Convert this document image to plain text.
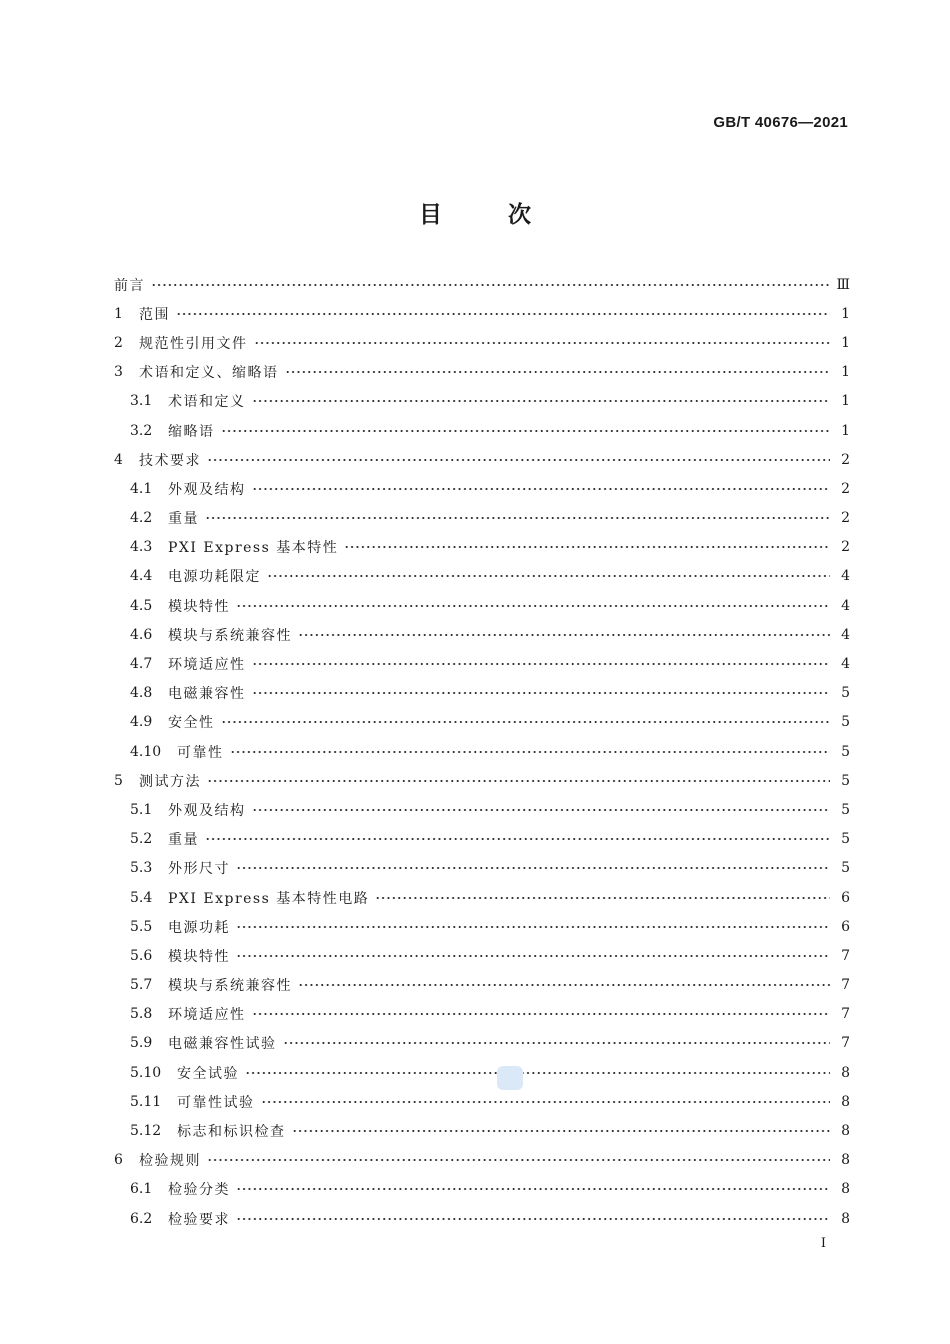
GB/T 40676—2021
目	次
前言	Ⅲ
1	范围	1
2	规范性引用文件	1
3	术语和定义、缩略语	1
3.1	术语和定义	1
3.2	缩略语	1
4	技术要求	2
4.1	外观及结构	2
4.2	重量	2
4.3	PXI Express 基本特性	2
4.4	电源功耗限定	4
4.5	模块特性	4
4.6	模块与系统兼容性	4
4.7	环境适应性	4
4.8	电磁兼容性	5
4.9	安全性	5
4.10	可靠性	5
5	测试方法	5
5.1	外观及结构	5
5.2	重量	5
5.3	外形尺寸	5
5.4	PXI Express 基本特性电路	6
5.5	电源功耗	6
5.6	模块特性	7
5.7	模块与系统兼容性	7
5.8	环境适应性	7
5.9	电磁兼容性试验	7
5.10	安全试验	8
5.11	可靠性试验	8
5.12	标志和标识检查	8
6	检验规则	8
6.1	检验分类	8
6.2	检验要求	8
Ⅰ
